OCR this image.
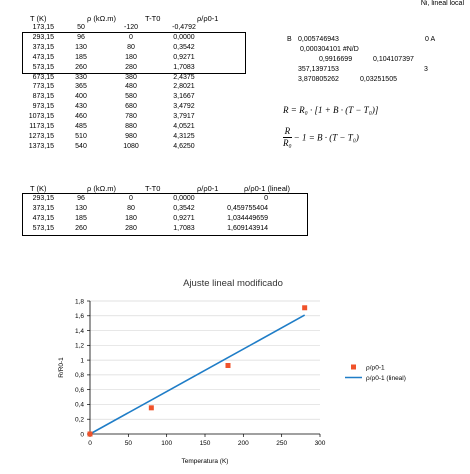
Ni, lineal local
T (K)	ρ (kΩ.m)	T-T0	ρ/ρ0-1
173,15	50	-120	-0,4792
293,15	96	0	0,0000
373,15	130	80	0,3542
473,15	185	180	0,9271
573,15	260	280	1,7083
673,15	330	380	2,4375
773,15	365	480	2,8021
873,15	400	580	3,1667
973,15	430	680	3,4792
1073,15	460	780	3,7917
1173,15	485	880	4,0521
1273,15	510	980	4,3125
1373,15	540	1080	4,6250
B 0,005746943	0 A
0,000304101 #N/D
0,9916699	0,104107397
357,1397153	3
3,870805262	0,03251505
R = R₀ · [1 + B · (T − T₀)]
$\frac{R}{\text{R₀}} - 1 = B \cdot (T - T_0)$
T (K)	ρ (kΩ.m)	T-T0	ρ/ρ0-1	ρ/ρ0-1 (lineal)
293,15	96	0	0,0000	0
373,15	130	80	0,3542	0,459755404
473,15	185	180	0,9271	1,034449659
573,15	260	280	1,7083	1,609143914
Ajuste lineal modificado
0
0,2
0,4
0,6
0,8
1
1,2
1,4
1,6
1,8
0	50	100	150	200	250	300
Temperatura (K)
R/R0-1	ρ/ρ0-1
ρ/ρ0-1 (lineal)
